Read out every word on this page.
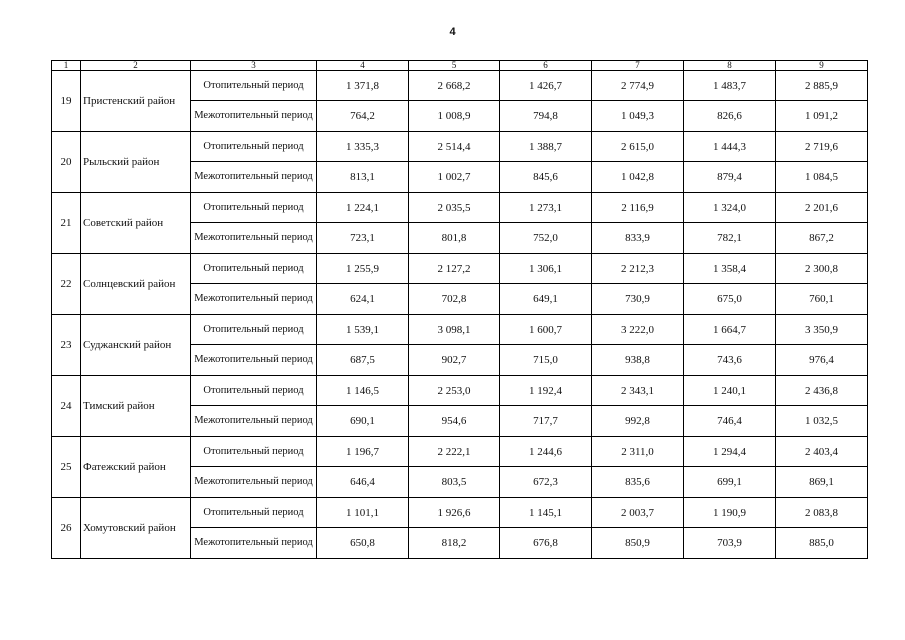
4
1	2	3	4	5	6	7	8	9
19	Пристенский район	Отопительный период	1 371,8	2 668,2	1 426,7	2 774,9	1 483,7	2 885,9
		Межотопительный период	764,2	1 008,9	794,8	1 049,3	826,6	1 091,2
20	Рыльский район	Отопительный период	1 335,3	2 514,4	1 388,7	2 615,0	1 444,3	2 719,6
		Межотопительный период	813,1	1 002,7	845,6	1 042,8	879,4	1 084,5
21	Советский район	Отопительный период	1 224,1	2 035,5	1 273,1	2 116,9	1 324,0	2 201,6
		Межотопительный период	723,1	801,8	752,0	833,9	782,1	867,2
22	Солнцевский район	Отопительный период	1 255,9	2 127,2	1 306,1	2 212,3	1 358,4	2 300,8
		Межотопительный период	624,1	702,8	649,1	730,9	675,0	760,1
23	Суджанский район	Отопительный период	1 539,1	3 098,1	1 600,7	3 222,0	1 664,7	3 350,9
		Межотопительный период	687,5	902,7	715,0	938,8	743,6	976,4
24	Тимский район	Отопительный период	1 146,5	2 253,0	1 192,4	2 343,1	1 240,1	2 436,8
		Межотопительный период	690,1	954,6	717,7	992,8	746,4	1 032,5
25	Фатежский район	Отопительный период	1 196,7	2 222,1	1 244,6	2 311,0	1 294,4	2 403,4
		Межотопительный период	646,4	803,5	672,3	835,6	699,1	869,1
26	Хомутовский район	Отопительный период	1 101,1	1 926,6	1 145,1	2 003,7	1 190,9	2 083,8
		Межотопительный период	650,8	818,2	676,8	850,9	703,9	885,0
